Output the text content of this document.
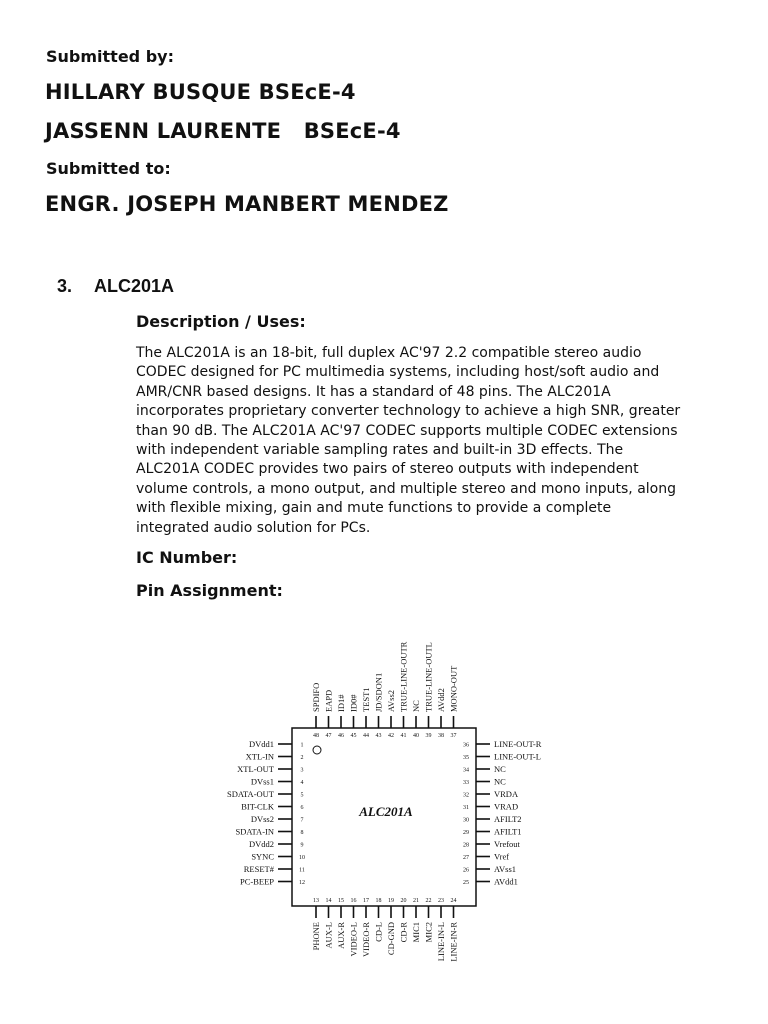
Submitted by:
HILLARY BUSQUE BSEcE-4
JASSENN LAURENTE   BSEcE-4
Submitted to:
ENGR. JOSEPH MANBERT MENDEZ
3. ALC201A
Description / Uses:
The ALC201A is an 18-bit, full duplex AC'97 2.2 compatible stereo audio
CODEC designed for PC multimedia systems, including host/soft audio and
AMR/CNR based designs. It has a standard of 48 pins. The ALC201A
incorporates proprietary converter technology to achieve a high SNR, greater
than 90 dB. The ALC201A AC'97 CODEC supports multiple CODEC extensions
with independent variable sampling rates and built-in 3D effects. The
ALC201A CODEC provides two pairs of stereo outputs with independent
volume controls, a mono output, and multiple stereo and mono inputs, along
with flexible mixing, gain and mute functions to provide a complete
integrated audio solution for PCs.
IC Number:
Pin Assignment:
ALC201A
DVdd1	1
XTL-IN	2
XTL-OUT	3
DVss1	4
SDATA-OUT	5
BIT-CLK	6
DVss2	7
SDATA-IN	8
DVdd2	9
SYNC	10
RESET#	11
PC-BEEP	12
LINE-OUT-R
36
LINE-OUT-L
35
NC
34
NC
33
VRDA
32
VRAD
31
AFILT2
30
AFILT1
29
Vrefout
28
Vref
27
AVss1
26
AVdd1
25
SPDIFO
48
EAPD
47
ID1#
46
ID0#
45
TEST1
44
JD/SDON1
43
AVss2
42
TRUE-LINE-OUTR
41
NC
40
TRUE-LINE-OUTL
39
AVdd2
38
MONO-OUT
37
PHONE
13
AUX-L
14
AUX-R
15
VIDEO-L
16
VIDEO-R
17
CD-L
18
CD-GND
19
CD-R
20
MIC1
21
MIC2
22
LINE-IN-L
23
LINE-IN-R
24
